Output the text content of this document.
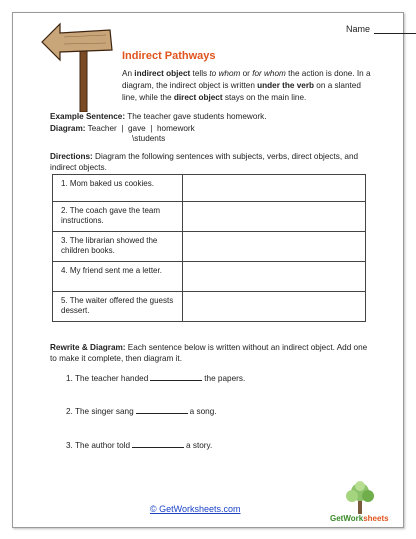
Name
Indirect Pathways
An indirect object tells to whom or for whom the action is done. In a diagram, the indirect object is written under the verb on a slanted line, while the direct object stays on the main line.
Example Sentence: The teacher gave students homework.
Diagram: Teacher  |  gave  |  homework
\students
Directions: Diagram the following sentences with subjects, verbs, direct objects, and indirect objects.
1. Mom baked us cookies.	
2. The coach gave the team instructions.	
3. The librarian showed the children books.	
4. My friend sent me a letter.	
5. The waiter offered the guests dessert.	
Rewrite & Diagram: Each sentence below is written without an indirect object. Add one to make it complete, then diagram it.
1. The teacher handed	the papers.
2. The singer sang	a song.
3. The author told	a story.
© GetWorksheets.com
GetWorksheets
